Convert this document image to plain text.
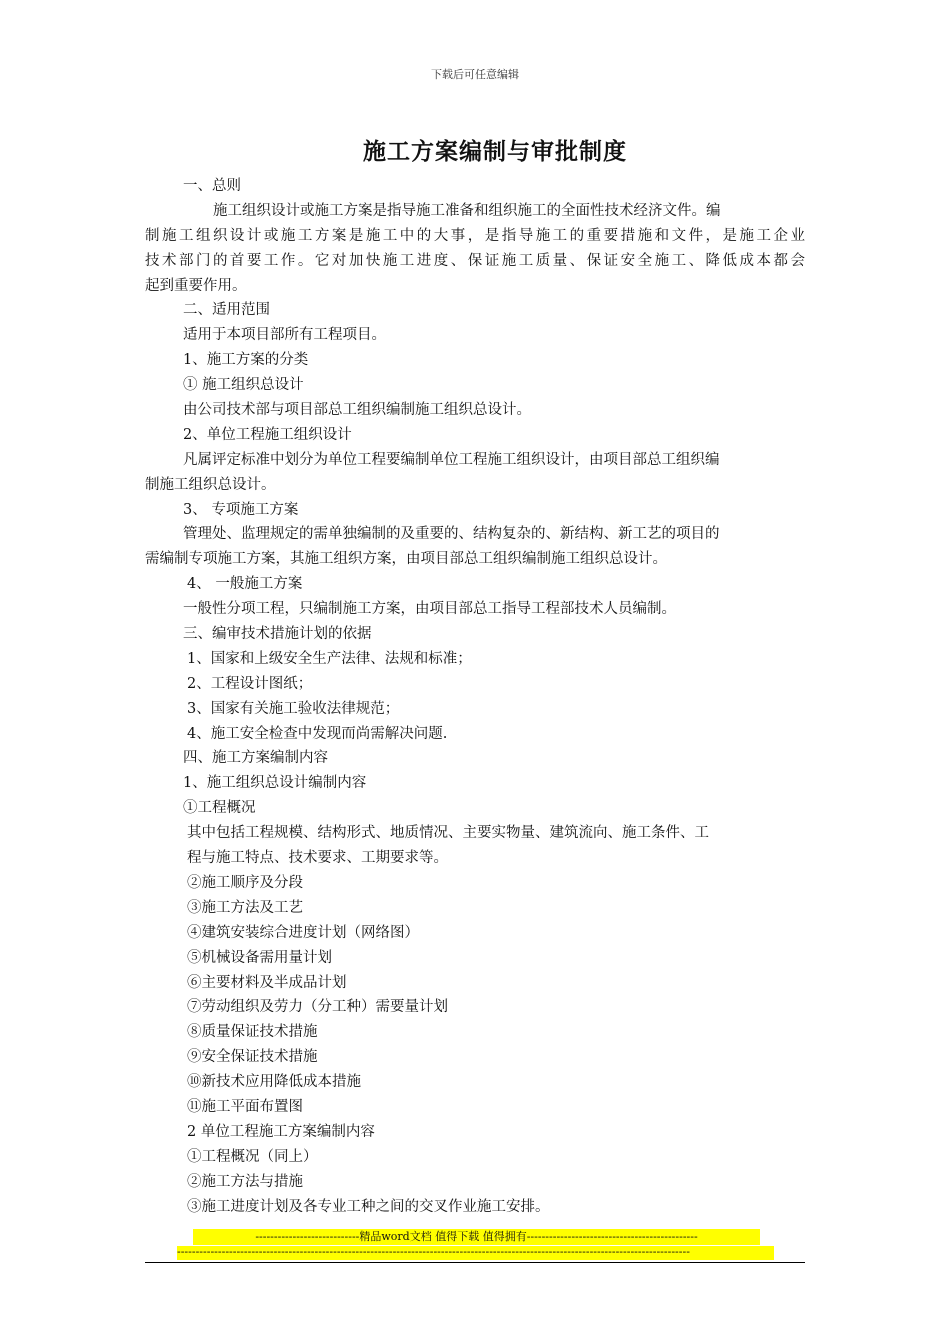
下载后可任意编辑
施工方案编制与审批制度
一、总则
施工组织设计或施工方案是指导施工准备和组织施工的全面性技术经济文件。编
制施工组织设计或施工方案是施工中的大事，是指导施工的重要措施和文件，是施工企业
技术部门的首要工作。它对加快施工进度、保证施工质量、保证安全施工、降低成本都会
起到重要作用。
二、适用范围
适用于本项目部所有工程项目。
1、施工方案的分类
① 施工组织总设计
由公司技术部与项目部总工组织编制施工组织总设计。
2、单位工程施工组织设计
凡属评定标准中划分为单位工程要编制单位工程施工组织设计，由项目部总工组织编
制施工组织总设计。
3、 专项施工方案
管理处、监理规定的需单独编制的及重要的、结构复杂的、新结构、新工艺的项目的
需编制专项施工方案，其施工组织方案，由项目部总工组织编制施工组织总设计。
4、 一般施工方案
一般性分项工程，只编制施工方案，由项目部总工指导工程部技术人员编制。
三、编审技术措施计划的依据
1、国家和上级安全生产法律、法规和标准；
2、工程设计图纸；
3、国家有关施工验收法律规范；
4、施工安全检查中发现而尚需解决问题.
四、施工方案编制内容
1、施工组织总设计编制内容
①工程概况
其中包括工程规模、结构形式、地质情况、主要实物量、建筑流向、施工条件、工
程与施工特点、技术要求、工期要求等。
②施工顺序及分段
③施工方法及工艺
④建筑安装综合进度计划（网络图）
⑤机械设备需用量计划
⑥主要材料及半成品计划
⑦劳动组织及劳力（分工种）需要量计划
⑧质量保证技术措施
⑨安全保证技术措施
⑩新技术应用降低成本措施
⑪施工平面布置图
2 单位工程施工方案编制内容
①工程概况（同上）
②施工方法与措施
③施工进度计划及各专业工种之间的交叉作业施工安排。
----------------------------精品word文档 值得下载 值得拥有----------------------------------------------
------------------------------------------------------------------------------------------------------------------------------------------
